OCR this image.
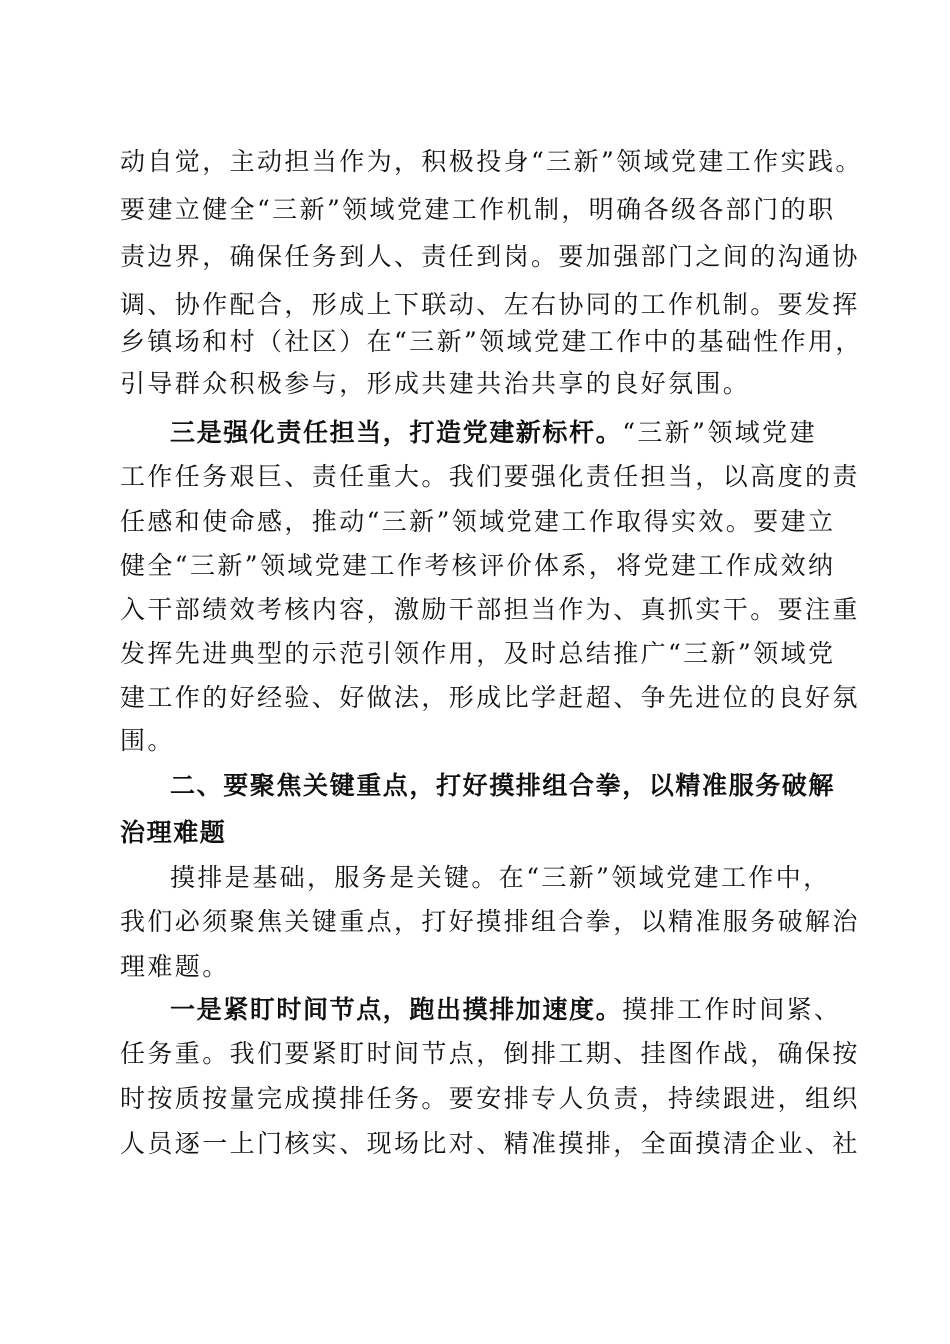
动自觉，主动担当作为，积极投身“三新”领域党建工作实践。
要建立健全“三新”领域党建工作机制，明确各级各部门的职
责边界，确保任务到人、责任到岗。要加强部门之间的沟通协
调、协作配合，形成上下联动、左右协同的工作机制。要发挥
乡镇场和村（社区）在“三新”领域党建工作中的基础性作用，
引导群众积极参与，形成共建共治共享的良好氛围。
三是强化责任担当，打造党建新标杆。“三新”领域党建
工作任务艰巨、责任重大。我们要强化责任担当，以高度的责
任感和使命感，推动“三新”领域党建工作取得实效。要建立
健全“三新”领域党建工作考核评价体系，将党建工作成效纳
入干部绩效考核内容，激励干部担当作为、真抓实干。要注重
发挥先进典型的示范引领作用，及时总结推广“三新”领域党
建工作的好经验、好做法，形成比学赶超、争先进位的良好氛
围。
二、要聚焦关键重点，打好摸排组合拳，以精准服务破解
治理难题
摸排是基础，服务是关键。在“三新”领域党建工作中，
我们必须聚焦关键重点，打好摸排组合拳，以精准服务破解治
理难题。
一是紧盯时间节点，跑出摸排加速度。摸排工作时间紧、
任务重。我们要紧盯时间节点，倒排工期、挂图作战，确保按
时按质按量完成摸排任务。要安排专人负责，持续跟进，组织
人员逐一上门核实、现场比对、精准摸排，全面摸清企业、社
